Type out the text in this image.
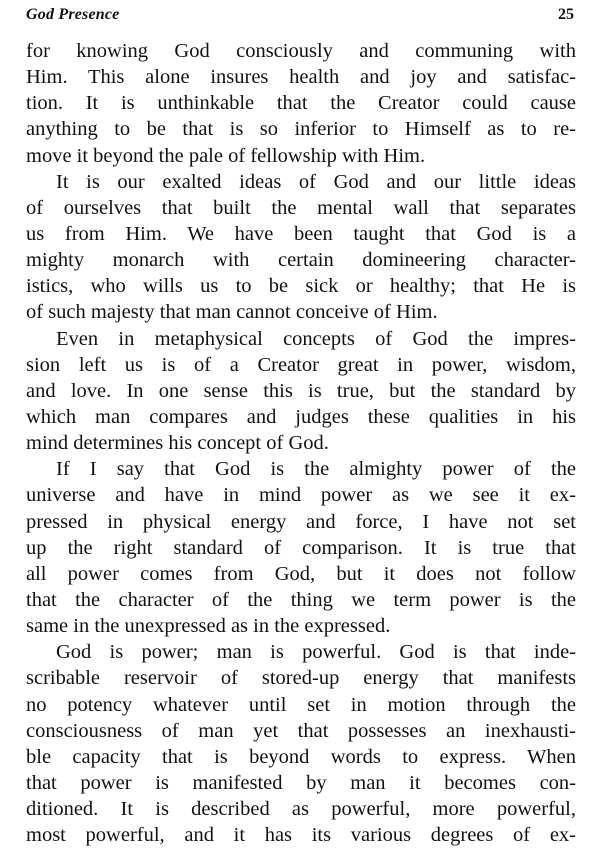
God Presence	25
for knowing God consciously and communing with
Him. This alone insures health and joy and satisfac-
tion. It is unthinkable that the Creator could cause
anything to be that is so inferior to Himself as to re-
move it beyond the pale of fellowship with Him.
It is our exalted ideas of God and our little ideas
of ourselves that built the mental wall that separates
us from Him. We have been taught that God is a
mighty monarch with certain domineering character-
istics, who wills us to be sick or healthy; that He is
of such majesty that man cannot conceive of Him.
Even in metaphysical concepts of God the impres-
sion left us is of a Creator great in power, wisdom,
and love. In one sense this is true, but the standard by
which man compares and judges these qualities in his
mind determines his concept of God.
If I say that God is the almighty power of the
universe and have in mind power as we see it ex-
pressed in physical energy and force, I have not set
up the right standard of comparison. It is true that
all power comes from God, but it does not follow
that the character of the thing we term power is the
same in the unexpressed as in the expressed.
God is power; man is powerful. God is that inde-
scribable reservoir of stored-up energy that manifests
no potency whatever until set in motion through the
consciousness of man yet that possesses an inexhausti-
ble capacity that is beyond words to express. When
that power is manifested by man it becomes con-
ditioned. It is described as powerful, more powerful,
most powerful, and it has its various degrees of ex-
